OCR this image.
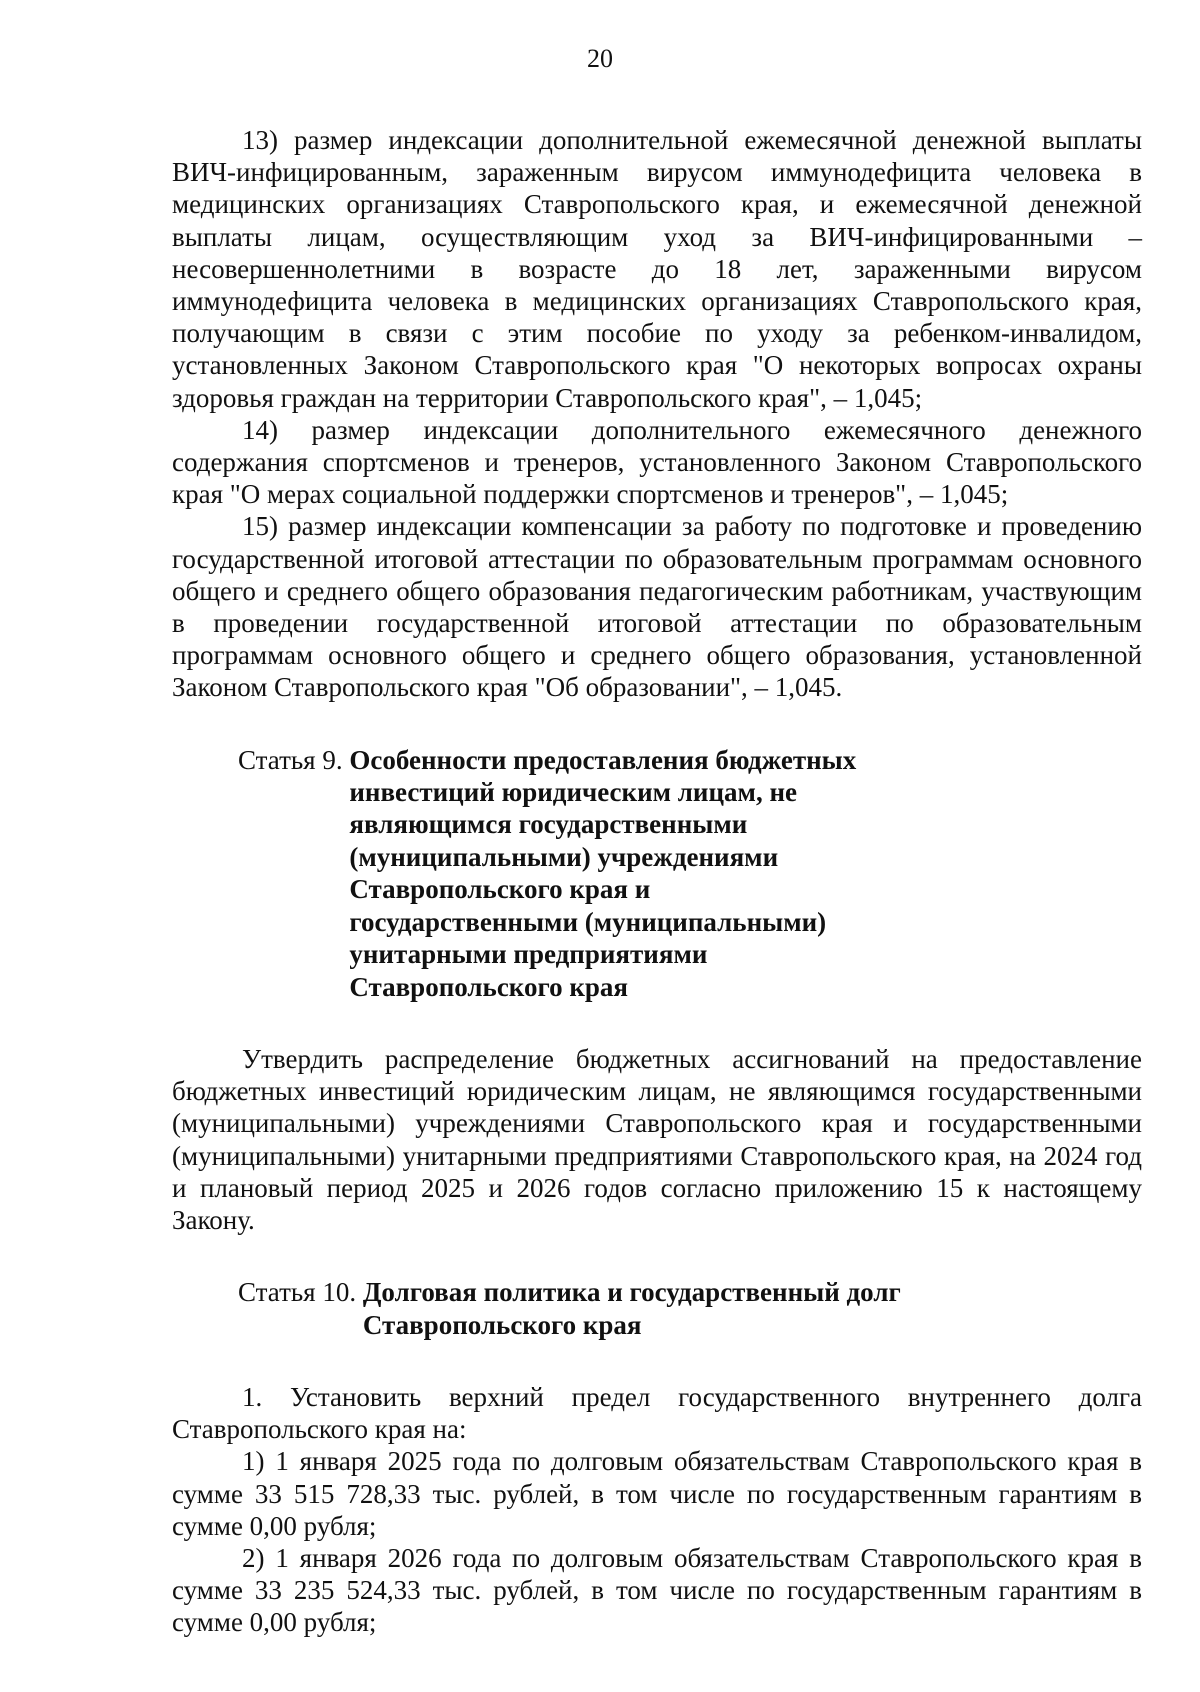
20

13) размер индексации дополнительной ежемесячной денежной выплаты ВИЧ-инфицированным, зараженным вирусом иммунодефицита человека в медицинских организациях Ставропольского края, и ежемесячной денежной выплаты лицам, осуществляющим уход за ВИЧ-инфицированными – несовершеннолетними в возрасте до 18 лет, зараженными вирусом иммунодефицита человека в медицинских организациях Ставропольского края, получающим в связи с этим пособие по уходу за ребенком-инвалидом, установленных Законом Ставропольского края "О некоторых вопросах охраны здоровья граждан на территории Ставропольского края", – 1,045;

14) размер индексации дополнительного ежемесячного денежного содержания спортсменов и тренеров, установленного Законом Ставропольского края "О мерах социальной поддержки спортсменов и тренеров", – 1,045;

15) размер индексации компенсации за работу по подготовке и проведению государственной итоговой аттестации по образовательным программам основного общего и среднего общего образования педагогическим работникам, участвующим в проведении государственной итоговой аттестации по образовательным программам основного общего и среднего общего образования, установленной Законом Ставропольского края "Об образовании", – 1,045.

Статья 9. Особенности предоставления бюджетных инвестиций юридическим лицам, не являющимся государственными (муниципальными) учреждениями Ставропольского края и государственными (муниципальными) унитарными предприятиями Ставропольского края

Утвердить распределение бюджетных ассигнований на предоставление бюджетных инвестиций юридическим лицам, не являющимся государственными (муниципальными) учреждениями Ставропольского края и государственными (муниципальными) унитарными предприятиями Ставропольского края, на 2024 год и плановый период 2025 и 2026 годов согласно приложению 15 к настоящему Закону.

Статья 10. Долговая политика и государственный долг Ставропольского края

1. Установить верхний предел государственного внутреннего долга Ставропольского края на:

1) 1 января 2025 года по долговым обязательствам Ставропольского края в сумме 33 515 728,33 тыс. рублей, в том числе по государственным гарантиям в сумме 0,00 рубля;

2) 1 января 2026 года по долговым обязательствам Ставропольского края в сумме 33 235 524,33 тыс. рублей, в том числе по государственным гарантиям в сумме 0,00 рубля;
